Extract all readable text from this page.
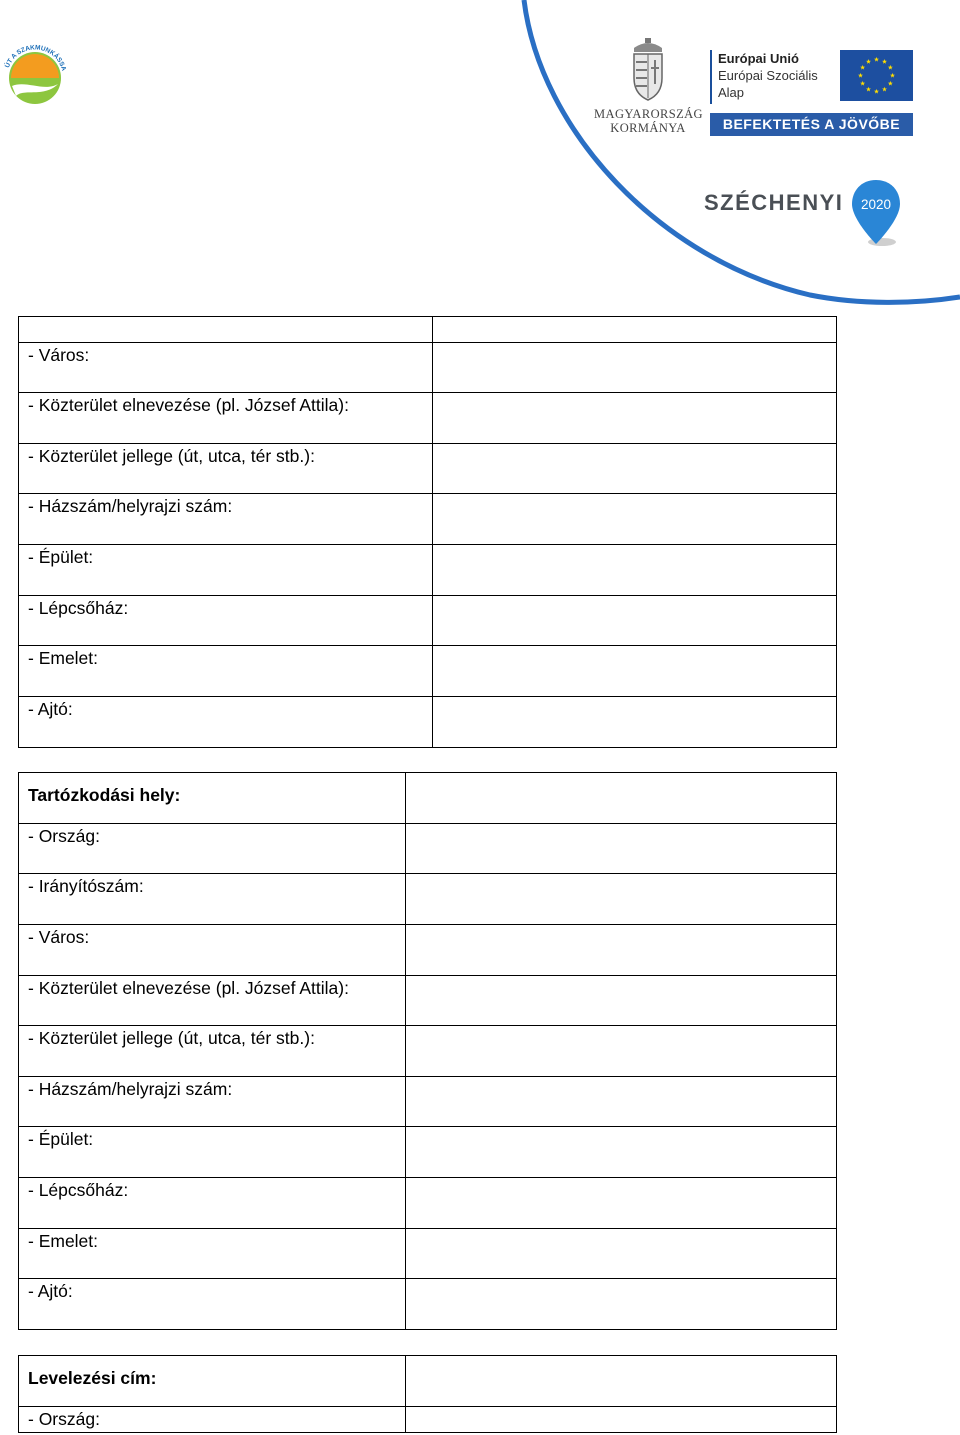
ÚT A SZAKMUNKÁSS
MAGYARORSZÁG
KORMÁNYA
Európai Unió
Európai Szociális
Alap
BEFEKTETÉS A JÖVŐBE
SZÉCHENYI 2020

- Város:	

- Közterület elnevezése (pl. József Attila):	

- Közterület jellege (út, utca, tér stb.):	

- Házszám/helyrajzi szám:	

- Épület:	

- Lépcsőház:	

- Emelet:	

- Ajtó:	

Tartózkodási hely:	

- Ország:	

- Irányítószám:	

- Város:	

- Közterület elnevezése (pl. József Attila):	

- Közterület jellege (út, utca, tér stb.):	

- Házszám/helyrajzi szám:	

- Épület:	

- Lépcsőház:	

- Emelet:	

- Ajtó:	

Levelezési cím:	

- Ország:	
